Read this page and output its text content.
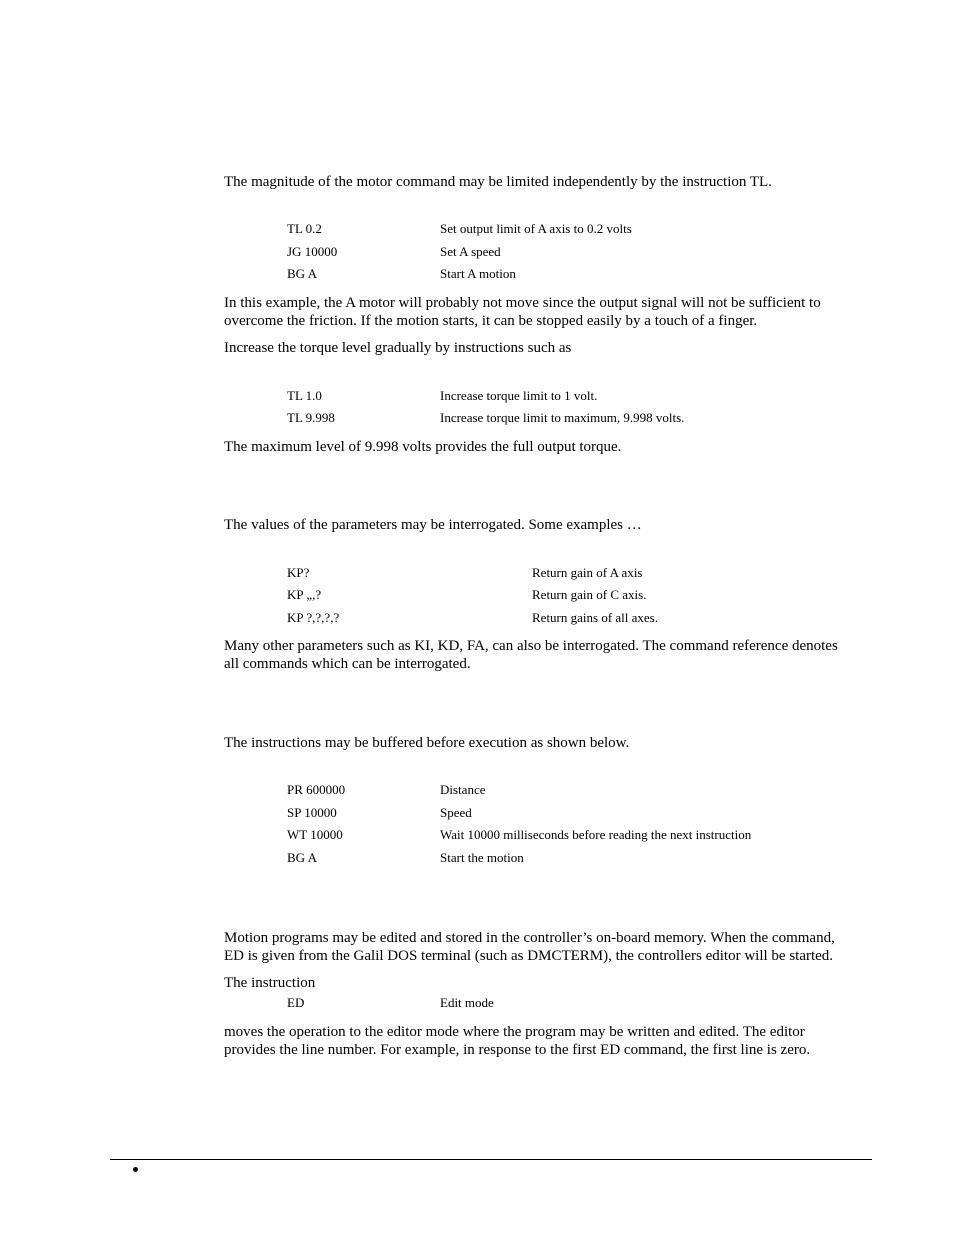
The magnitude of the motor command may be limited independently by the instruction TL.
TL 0.2	Set output limit of A axis to 0.2 volts
JG 10000	Set A speed
BG A	Start A motion
In this example, the A motor will probably not move since the output signal will not be sufficient to
overcome the friction. If the motion starts, it can be stopped easily by a touch of a finger.
Increase the torque level gradually by instructions such as
TL 1.0	Increase torque limit to 1 volt.
TL 9.998	Increase torque limit to maximum, 9.998 volts.
The maximum level of 9.998 volts provides the full output torque.
The values of the parameters may be interrogated. Some examples …
KP?	Return gain of A axis
KP „,?	Return gain of C axis.
KP ?,?,?,?	Return gains of all axes.
Many other parameters such as KI, KD, FA, can also be interrogated. The command reference denotes
all commands which can be interrogated.
The instructions may be buffered before execution as shown below.
PR 600000	Distance
SP 10000	Speed
WT 10000	Wait 10000 milliseconds before reading the next instruction
BG A	Start the motion
Motion programs may be edited and stored in the controller’s on-board memory. When the command,
ED is given from the Galil DOS terminal (such as DMCTERM), the controllers editor will be started.
The instruction
ED	Edit mode
moves the operation to the editor mode where the program may be written and edited. The editor
provides the line number. For example, in response to the first ED command, the first line is zero.
